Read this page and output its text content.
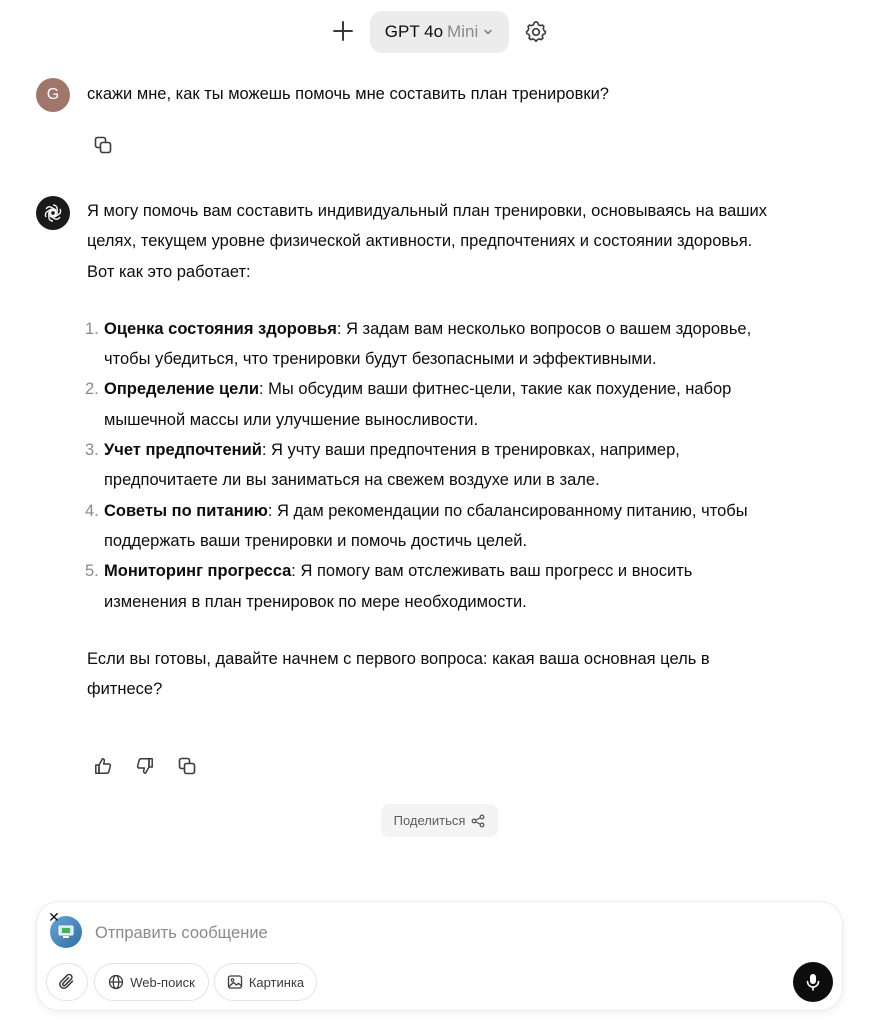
GPT 4o Mini
G скажи мне, как ты можешь помочь мне составить план тренировки?

Я могу помочь вам составить индивидуальный план тренировки, основываясь на ваших целях, текущем уровне физической активности, предпочтениях и состоянии здоровья. Вот как это работает:

1. Оценка состояния здоровья: Я задам вам несколько вопросов о вашем здоровье, чтобы убедиться, что тренировки будут безопасными и эффективными.
2. Определение цели: Мы обсудим ваши фитнес-цели, такие как похудение, набор мышечной массы или улучшение выносливости.
3. Учет предпочтений: Я учту ваши предпочтения в тренировках, например, предпочитаете ли вы заниматься на свежем воздухе или в зале.
4. Советы по питанию: Я дам рекомендации по сбалансированному питанию, чтобы поддержать ваши тренировки и помочь достичь целей.
5. Мониторинг прогресса: Я помогу вам отслеживать ваш прогресс и вносить изменения в план тренировок по мере необходимости.

Если вы готовы, давайте начнем с первого вопроса: какая ваша основная цель в фитнесе?

Поделиться
✕
Отправить сообщение
Web-поиск	Картинка
